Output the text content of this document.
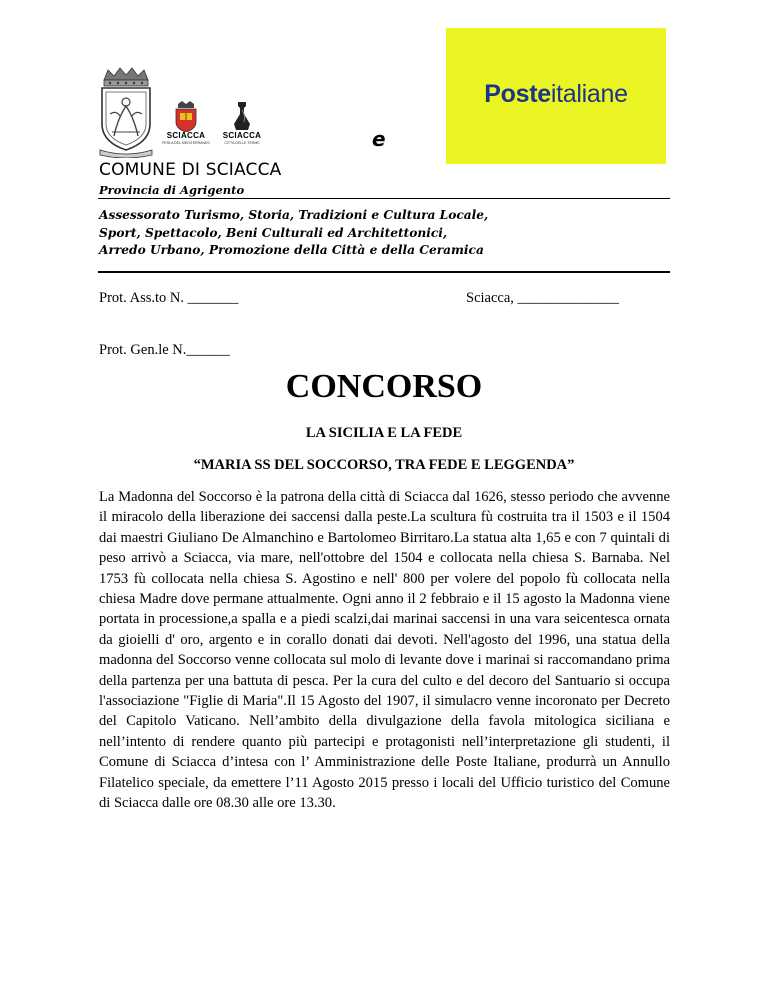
SCIACCA
PERLA DEL MEDITERRANEO
SCIACCA
CITTÀ DELLE TERME	e
Posteitaliane
COMUNE DI SCIACCA
Provincia di Agrigento
Assessorato Turismo, Storia, Tradizioni e Cultura Locale,
Sport, Spettacolo, Beni Culturali ed Architettonici,
Arredo Urbano, Promozione della Città e della Ceramica
Prot. Ass.to N. _______	Sciacca, ______________
Prot. Gen.le N.______
CONCORSO
LA SICILIA E LA FEDE
“MARIA SS DEL SOCCORSO, TRA FEDE E LEGGENDA”
La Madonna del Soccorso è la patrona della città di Sciacca dal 1626, stesso periodo che avvenne il miracolo della liberazione dei saccensi dalla peste.La scultura fù costruita tra il 1503 e il 1504 dai maestri Giuliano De Almanchino e Bartolomeo Birritaro.La statua alta 1,65 e con 7 quintali di peso arrivò a Sciacca, via mare, nell'ottobre del 1504 e collocata nella chiesa S. Barnaba. Nel 1753 fù collocata nella chiesa S. Agostino e nell' 800 per volere del popolo fù collocata nella chiesa Madre dove permane attualmente. Ogni anno il 2 febbraio e il 15 agosto la Madonna viene portata in processione,a spalla e a piedi scalzi,dai marinai saccensi in una vara seicentesca ornata da gioielli d' oro, argento e in corallo donati dai devoti. Nell'agosto del 1996, una statua della madonna del Soccorso venne collocata sul molo di levante dove i marinai si raccomandano prima della partenza per una battuta di pesca. Per la cura del culto e del decoro del Santuario si occupa l'associazione "Figlie di Maria".Il 15 Agosto del 1907, il simulacro venne incoronato per Decreto del Capitolo Vaticano. Nell’ambito della divulgazione della favola mitologica siciliana e nell’intento di rendere quanto più partecipi e protagonisti nell’interpretazione gli studenti, il Comune di Sciacca d’intesa con l’ Amministrazione delle Poste Italiane, produrrà un Annullo Filatelico speciale, da emettere l’11 Agosto 2015 presso i locali del Ufficio turistico del Comune di Sciacca dalle ore 08.30 alle ore 13.30.
